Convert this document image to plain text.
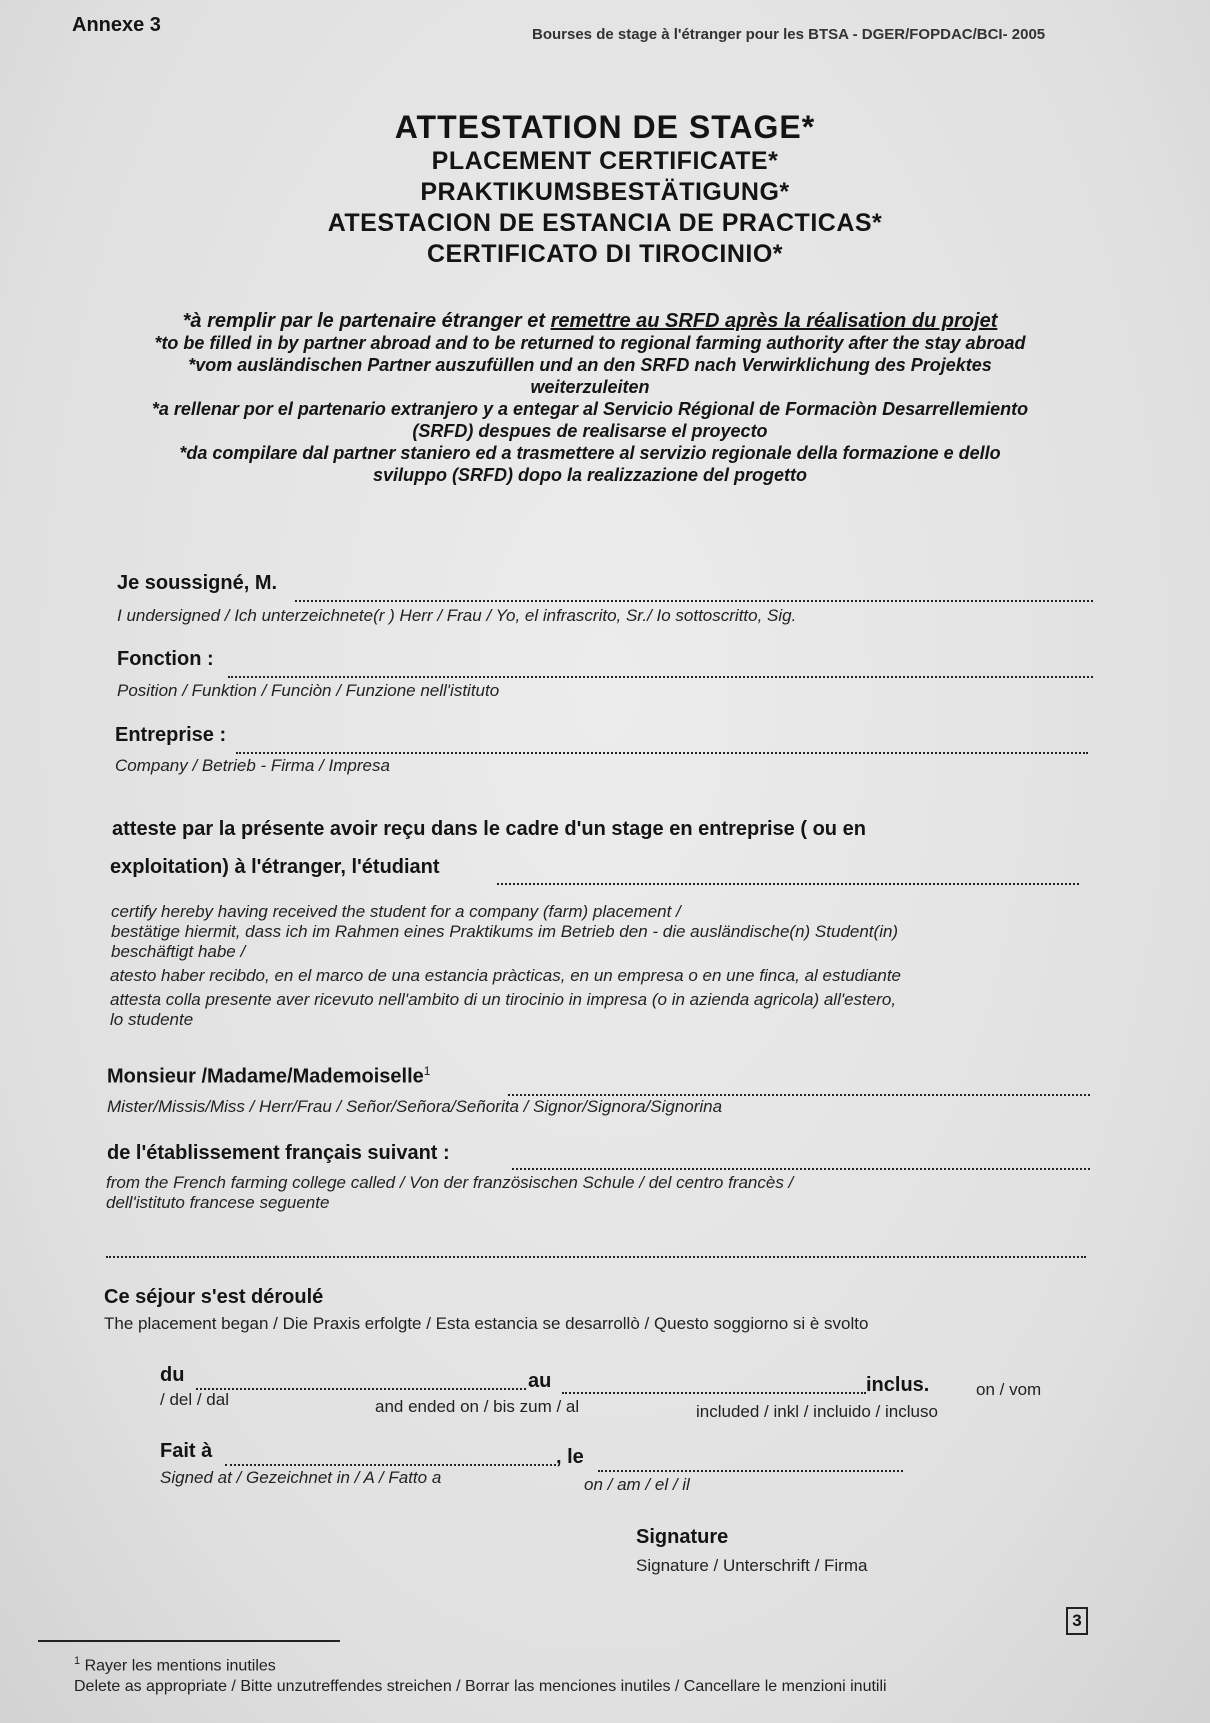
Annexe 3	Bourses de stage à l'étranger pour les BTSA - DGER/FOPDAC/BCI- 2005
ATTESTATION DE STAGE*
PLACEMENT CERTIFICATE*
PRAKTIKUMSBESTÄTIGUNG*
ATESTACION DE ESTANCIA DE PRACTICAS*
CERTIFICATO DI TIROCINIO*
*à remplir par le partenaire étranger et remettre au SRFD après la réalisation du projet
*to be filled in by partner abroad and to be returned to regional farming authority after the stay abroad
*vom ausländischen Partner auszufüllen und an den SRFD nach Verwirklichung des Projektes
weiterzuleiten
*a rellenar por el partenario extranjero y a entegar al Servicio Régional de Formaciòn Desarrellemiento
(SRFD) despues de realisarse el proyecto
*da compilare dal partner staniero ed a trasmettere al servizio regionale della formazione e dello
sviluppo (SRFD) dopo la realizzazione del progetto
Je soussigné, M.
I undersigned / Ich unterzeichnete(r ) Herr / Frau / Yo, el infrascrito, Sr./ Io sottoscritto, Sig.
Fonction :
Position / Funktion / Funciòn / Funzione nell'istituto
Entreprise :
Company / Betrieb - Firma / Impresa
atteste par la présente avoir reçu dans le cadre d'un stage en entreprise ( ou en
exploitation) à l'étranger, l'étudiant
certify hereby having received the student for a company (farm) placement /
bestätige hiermit, dass ich im Rahmen eines Praktikums im Betrieb den - die ausländische(n) Student(in)
beschäftigt habe /
atesto haber recibdo, en el marco de una estancia pràcticas, en un empresa o en une finca, al estudiante
attesta colla presente aver ricevuto nell'ambito di un tirocinio in impresa (o in azienda agricola) all'estero,
lo studente
Monsieur /Madame/Mademoiselle$^1$
Mister/Missis/Miss / Herr/Frau / Señor/Señora/Señorita / Signor/Signora/Signorina
de l'établissement français suivant :
from the French farming college called / Von der französischen Schule / del centro francès /
dell'istituto francese seguente
Ce séjour s'est déroulé
The placement began / Die Praxis erfolgte / Esta estancia se desarrollò / Questo soggiorno si è svolto
du	au	inclus.	on / vom
/ del / dal	and ended on / bis zum / al	included / inkl / incluido / incluso
Fait à	, le
Signed at / Gezeichnet in / A / Fatto a	on / am / el / il
Signature
Signature / Unterschrift / Firma
3
$^1$ Rayer les mentions inutiles
Delete as appropriate / Bitte unzutreffendes streichen / Borrar las menciones inutiles / Cancellare le menzioni inutili
